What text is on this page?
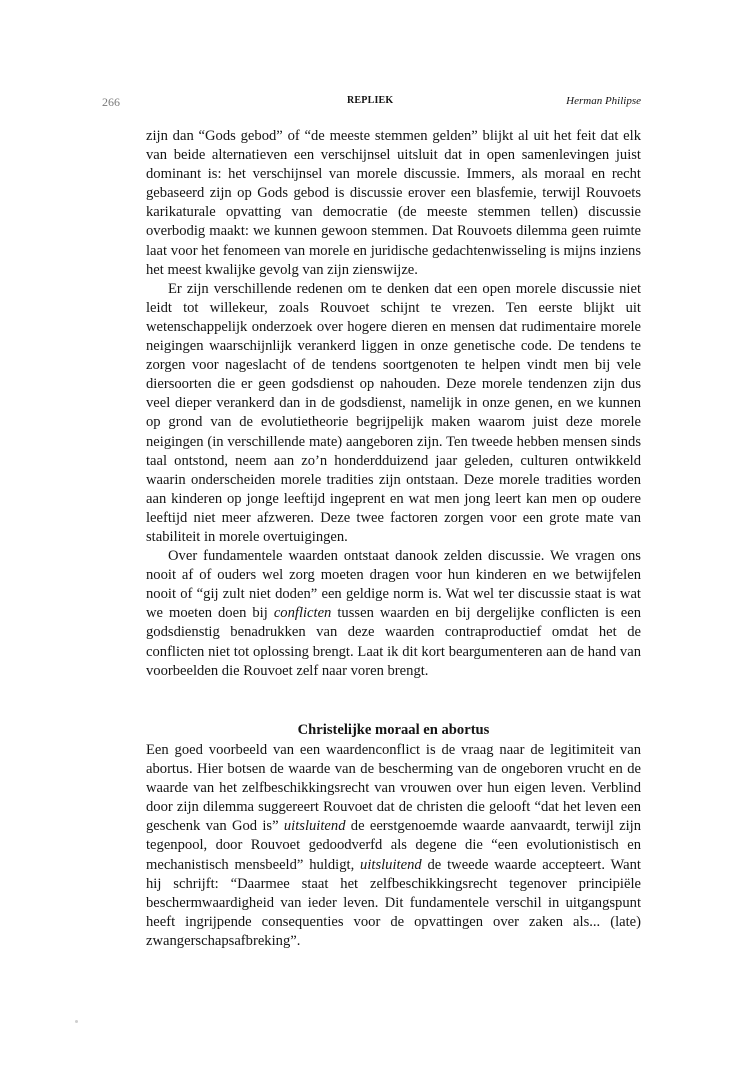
266	REPLIEK	Herman Philipse

zijn dan “Gods gebod” of “de meeste stemmen gelden” blijkt al uit het feit dat elk van beide alternatieven een verschijnsel uitsluit dat in open samenlevingen juist dominant is: het verschijnsel van morele discussie. Immers, als moraal en recht gebaseerd zijn op Gods gebod is discussie erover een blasfemie, terwijl Rouvoets karikaturale opvatting van democratie (de meeste stemmen tellen) discussie overbodig maakt: we kunnen gewoon stemmen. Dat Rouvoets dilemma geen ruimte laat voor het fenomeen van morele en juridische gedachtenwisseling is mijns inziens het meest kwalijke gevolg van zijn zienswijze.

Er zijn verschillende redenen om te denken dat een open morele discussie niet leidt tot willekeur, zoals Rouvoet schijnt te vrezen. Ten eerste blijkt uit wetenschappelijk onderzoek over hogere dieren en mensen dat rudimentaire morele neigingen waarschijnlijk verankerd liggen in onze genetische code. De tendens te zorgen voor nageslacht of de tendens soortgenoten te helpen vindt men bij vele diersoorten die er geen godsdienst op nahouden. Deze morele tendenzen zijn dus veel dieper verankerd dan in de godsdienst, namelijk in onze genen, en we kunnen op grond van de evolutietheorie begrijpelijk maken waarom juist deze morele neigingen (in verschillende mate) aangeboren zijn. Ten tweede hebben mensen sinds taal ontstond, neem aan zo’n honderdduizend jaar geleden, culturen ontwikkeld waarin onderscheiden morele tradities zijn ontstaan. Deze morele tradities worden aan kinderen op jonge leeftijd ingeprent en wat men jong leert kan men op oudere leeftijd niet meer afzweren. Deze twee factoren zorgen voor een grote mate van stabiliteit in morele overtuigingen.

Over fundamentele waarden ontstaat danook zelden discussie. We vragen ons nooit af of ouders wel zorg moeten dragen voor hun kinderen en we betwijfelen nooit of “gij zult niet doden” een geldige norm is. Wat wel ter discussie staat is wat we moeten doen bij conflicten tussen waarden en bij dergelijke conflicten is een godsdienstig benadrukken van deze waarden contraproductief omdat het de conflicten niet tot oplossing brengt. Laat ik dit kort beargumenteren aan de hand van voorbeelden die Rouvoet zelf naar voren brengt.

Christelijke moraal en abortus

Een goed voorbeeld van een waardenconflict is de vraag naar de legitimiteit van abortus. Hier botsen de waarde van de bescherming van de ongeboren vrucht en de waarde van het zelfbeschikkingsrecht van vrouwen over hun eigen leven. Verblind door zijn dilemma suggereert Rouvoet dat de christen die gelooft “dat het leven een geschenk van God is” uitsluitend de eerstgenoemde waarde aanvaardt, terwijl zijn tegenpool, door Rouvoet gedoodverfd als degene die “een evolutionistisch en mechanistisch mensbeeld” huldigt, uitsluitend de tweede waarde accepteert. Want hij schrijft: “Daarmee staat het zelfbeschikkingsrecht tegenover principiële beschermwaardigheid van ieder leven. Dit fundamentele verschil in uitgangspunt heeft ingrijpende consequenties voor de opvattingen over zaken als... (late) zwangerschapsafbreking”.
